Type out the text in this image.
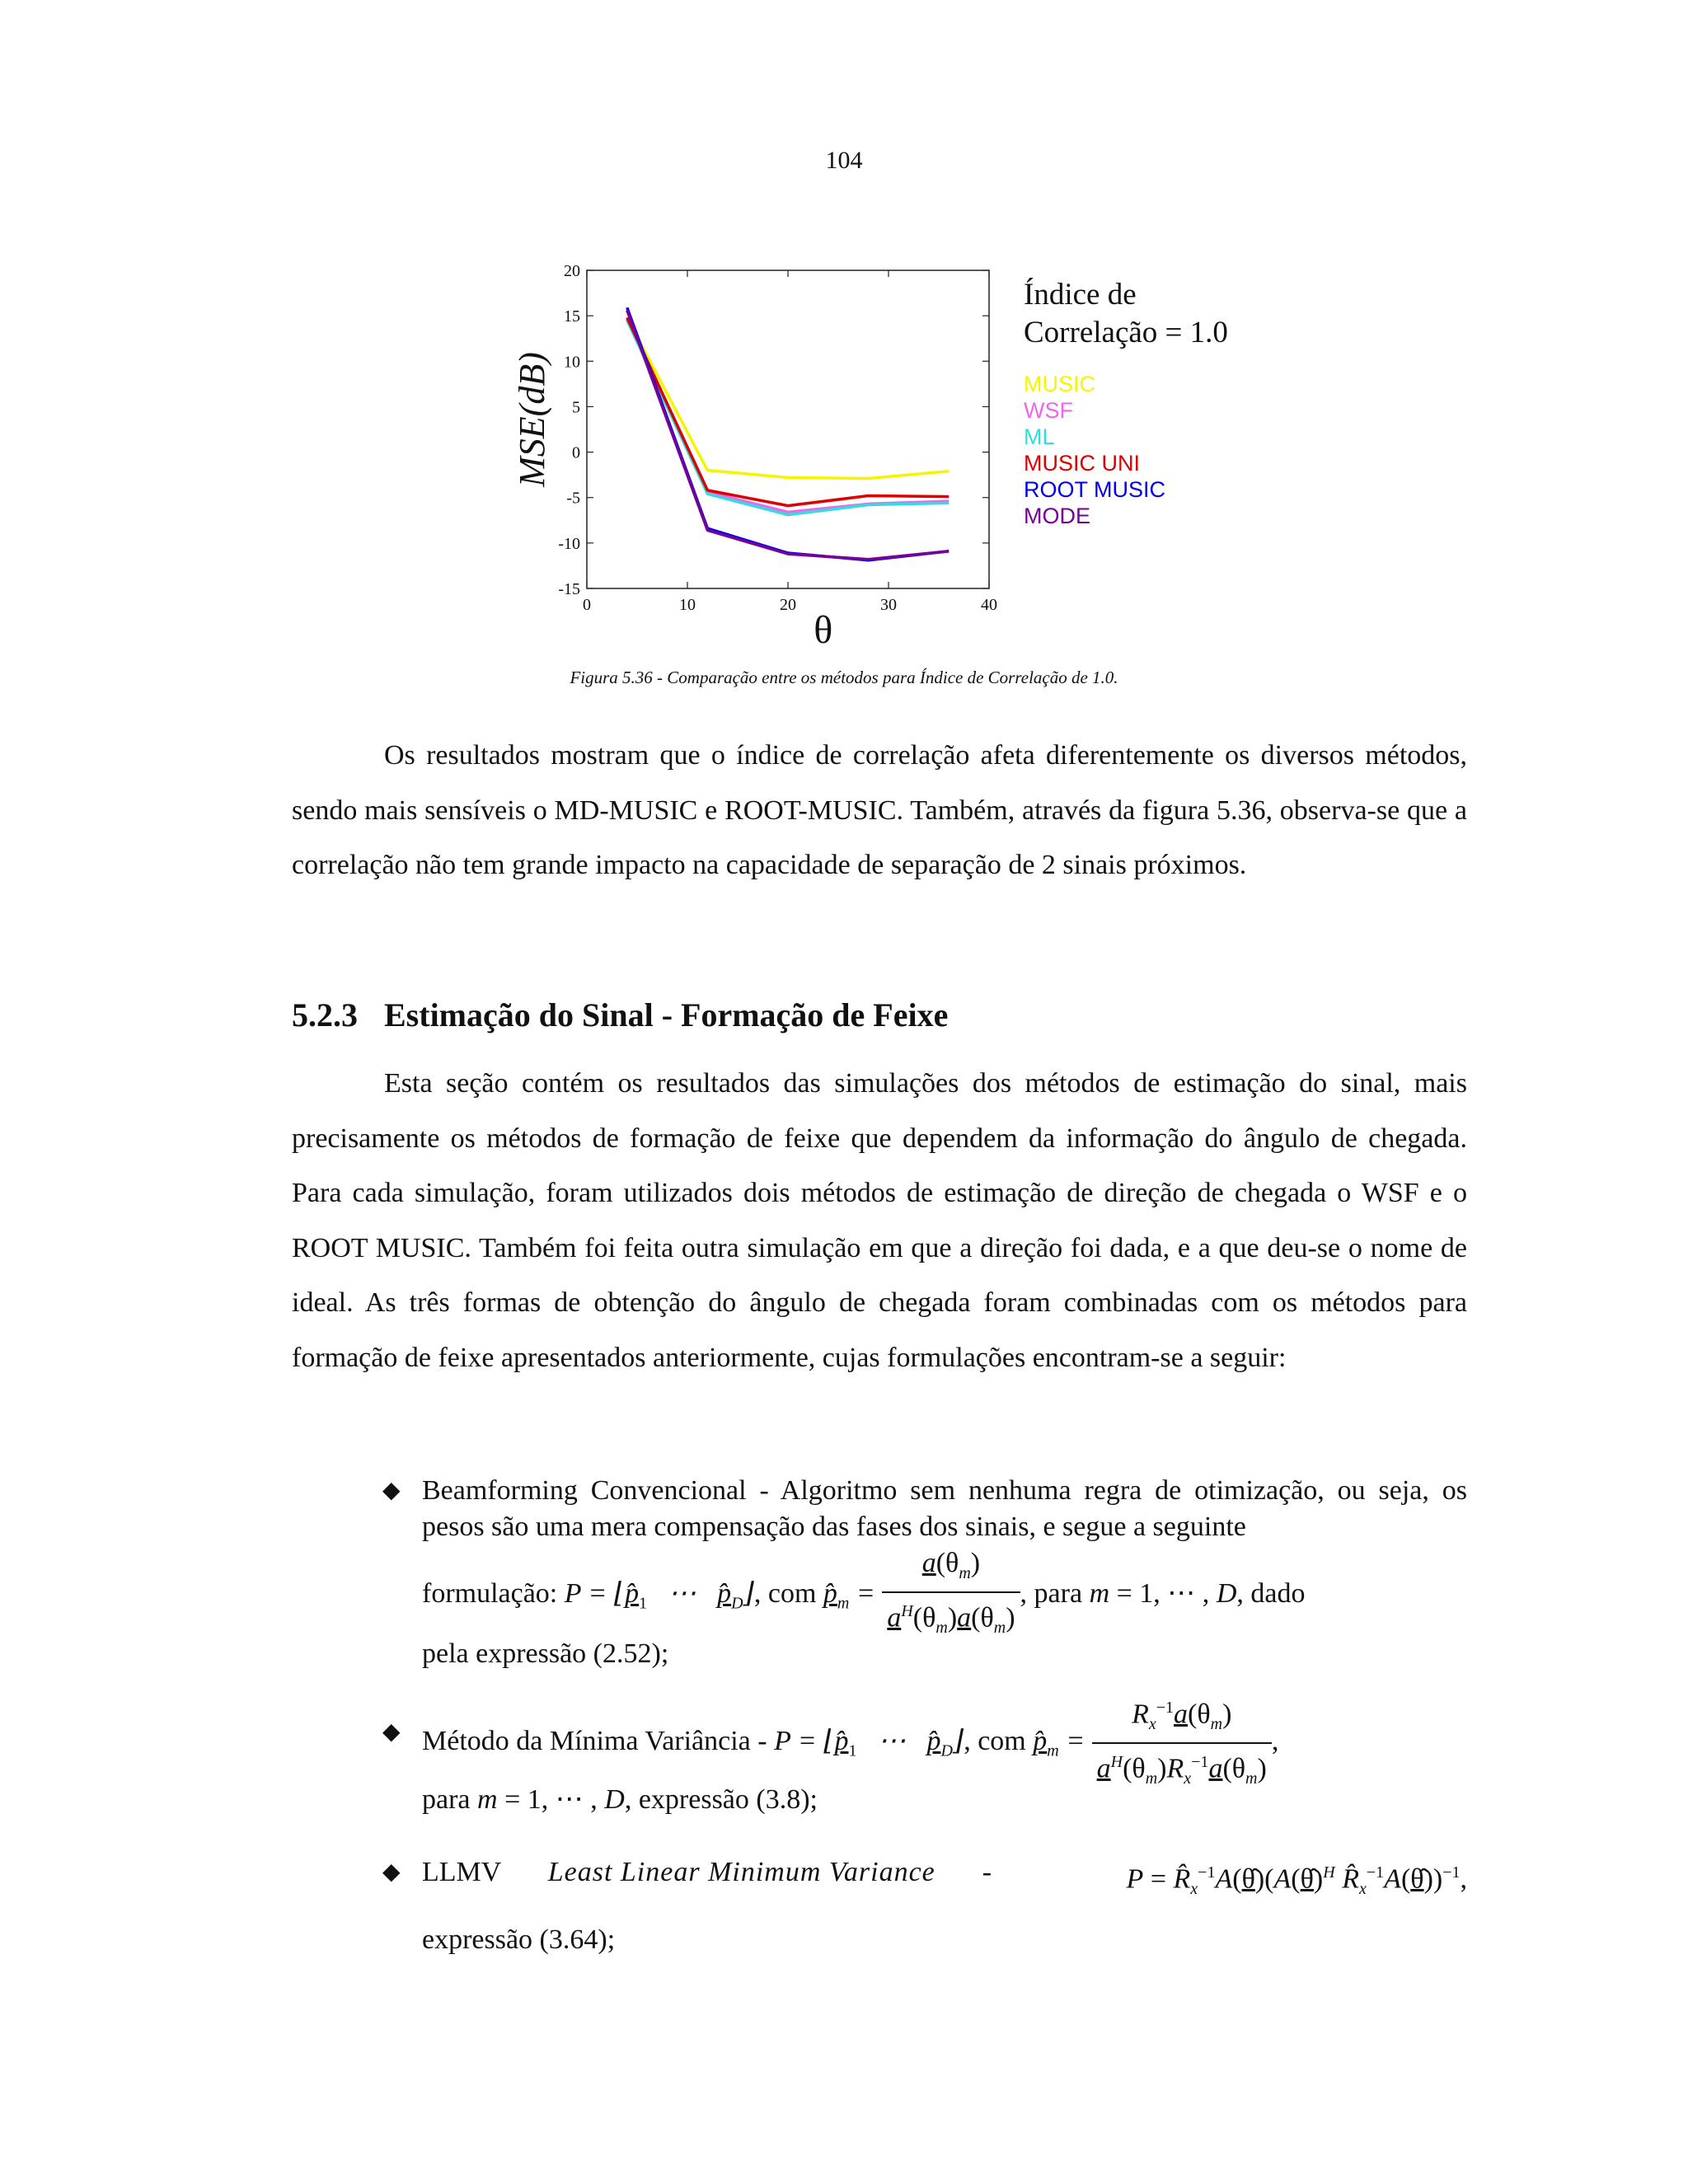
104
0	10	20	30	40
20
15
10
5
0
-5
-10
-15
θ
MSE(dB)
Índice de
Correlação = 1.0
MUSIC
WSF
ML
MUSIC UNI
ROOT MUSIC
MODE
Figura 5.36 - Comparação entre os métodos para Índice de Correlação de 1.0.

Os resultados mostram que o índice de correlação afeta diferentemente os diversos métodos, sendo mais sensíveis o MD-MUSIC e ROOT-MUSIC. Também, através da figura 5.36, observa-se que a correlação não tem grande impacto na capacidade de separação de 2 sinais próximos.

5.2.3 Estimação do Sinal - Formação de Feixe

Esta seção contém os resultados das simulações dos métodos de estimação do sinal, mais precisamente os métodos de formação de feixe que dependem da informação do ângulo de chegada. Para cada simulação, foram utilizados dois métodos de estimação de direção de chegada o WSF e o ROOT MUSIC. Também foi feita outra simulação em que a direção foi dada, e a que deu-se o nome de ideal. As três formas de obtenção do ângulo de chegada foram combinadas com os métodos para formação de feixe apresentados anteriormente, cujas formulações encontram-se a seguir:

◆ Beamforming Convencional - Algoritmo sem nenhuma regra de otimização, ou seja, os pesos são uma mera compensação das fases dos sinais, e segue a seguinte

formulação: $P = ⌊p̂_1$   ⋯   $p̂_D⌋$, com $p̂_m = \frac{a(\theta_m)}{a^H(\theta_m)a(\theta_m)}$ , para m = 1, ⋯ , D, dado
pela expressão (2.52);
◆ Método da Mínima Variância - $P = ⌊p̂_1$   ⋯   $p̂_D⌋$, com $p̂_m = \frac{R_x^{-1}a(\theta_m)}{a^H(\theta_m)R_x^{-1}a(\theta_m)}$ ,
para m = 1, ⋯ , D, expressão (3.8);
◆ LLMV Least Linear Minimum Variance -	$P = R̂_x^{-1}A(\thetâ)(A(\thetâ)^H$ $R̂_x^{-1}A(\thetâ))^{-1}$,
expressão (3.64);
